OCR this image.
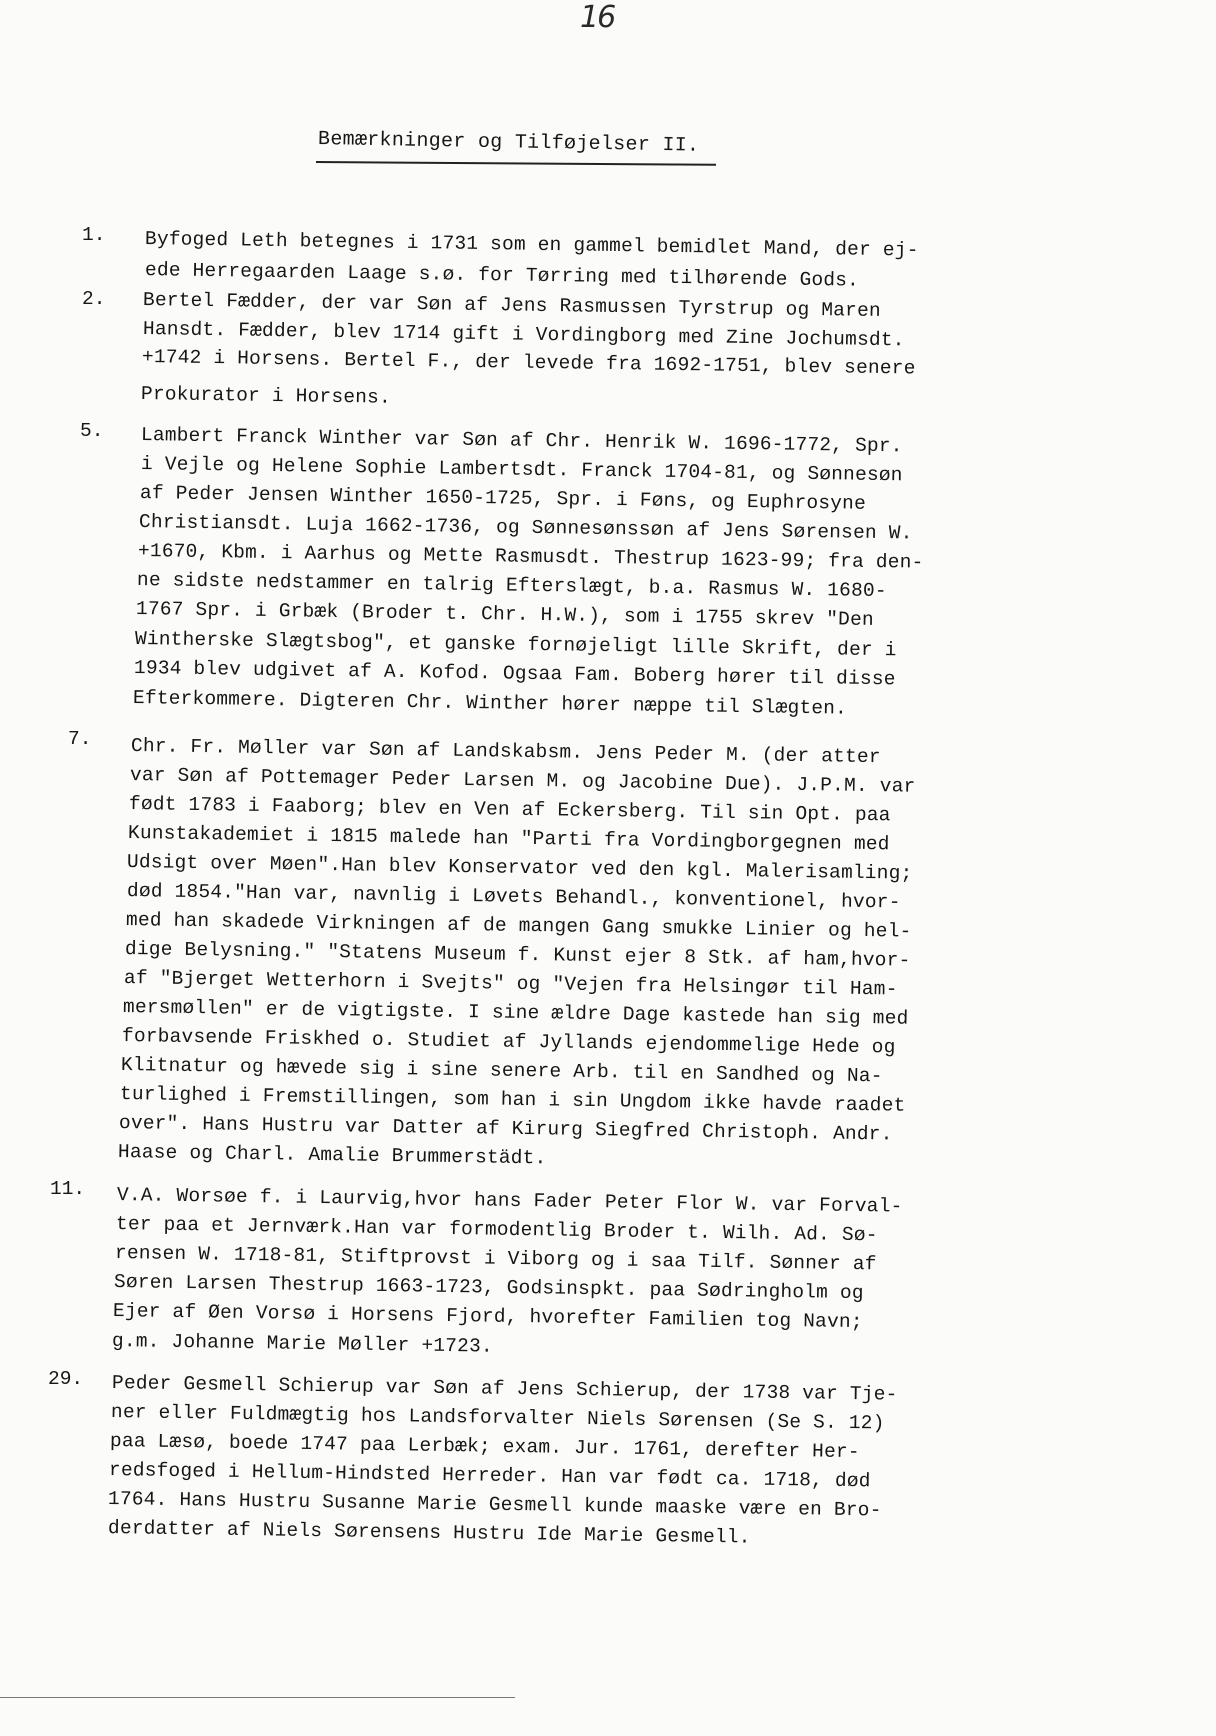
16
Bemærkninger og Tilføjelser II.
1. Byfoged Leth betegnes i 1731 som en gammel bemidlet Mand, der ej-
ede Herregaarden Laage s.ø. for Tørring med tilhørende Gods.
2. Bertel Fædder, der var Søn af Jens Rasmussen Tyrstrup og Maren
Hansdt. Fædder, blev 1714 gift i Vordingborg med Zine Jochumsdt.
+1742 i Horsens. Bertel F., der levede fra 1692-1751, blev senere
Prokurator i Horsens.
5. Lambert Franck Winther var Søn af Chr. Henrik W. 1696-1772, Spr.
i Vejle og Helene Sophie Lambertsdt. Franck 1704-81, og Sønnesøn
af Peder Jensen Winther 1650-1725, Spr. i Føns, og Euphrosyne
Christiansdt. Luja 1662-1736, og Sønnesønssøn af Jens Sørensen W.
+1670, Kbm. i Aarhus og Mette Rasmusdt. Thestrup 1623-99; fra den-
ne sidste nedstammer en talrig Efterslægt, b.a. Rasmus W. 1680-
1767 Spr. i Grbæk (Broder t. Chr. H.W.), som i 1755 skrev "Den
Wintherske Slægtsbog", et ganske fornøjeligt lille Skrift, der i
1934 blev udgivet af A. Kofod. Ogsaa Fam. Boberg hører til disse
Efterkommere. Digteren Chr. Winther hører næppe til Slægten.
7. Chr. Fr. Møller var Søn af Landskabsm. Jens Peder M. (der atter
var Søn af Pottemager Peder Larsen M. og Jacobine Due). J.P.M. var
født 1783 i Faaborg; blev en Ven af Eckersberg. Til sin Opt. paa
Kunstakademiet i 1815 malede han "Parti fra Vordingborgegnen med
Udsigt over Møen".Han blev Konservator ved den kgl. Malerisamling;
død 1854."Han var, navnlig i Løvets Behandl., konventionel, hvor-
med han skadede Virkningen af de mangen Gang smukke Linier og hel-
dige Belysning." "Statens Museum f. Kunst ejer 8 Stk. af ham,hvor-
af "Bjerget Wetterhorn i Svejts" og "Vejen fra Helsingør til Ham-
mersmøllen" er de vigtigste. I sine ældre Dage kastede han sig med
forbavsende Friskhed o. Studiet af Jyllands ejendommelige Hede og
Klitnatur og hævede sig i sine senere Arb. til en Sandhed og Na-
turlighed i Fremstillingen, som han i sin Ungdom ikke havde raadet
over". Hans Hustru var Datter af Kirurg Siegfred Christoph. Andr.
Haase og Charl. Amalie Brummerstädt.
11. V.A. Worsøe f. i Laurvig,hvor hans Fader Peter Flor W. var Forval-
ter paa et Jernværk.Han var formodentlig Broder t. Wilh. Ad. Sø-
rensen W. 1718-81, Stiftprovst i Viborg og i saa Tilf. Sønner af
Søren Larsen Thestrup 1663-1723, Godsinspkt. paa Sødringholm og
Ejer af Øen Vorsø i Horsens Fjord, hvorefter Familien tog Navn;
g.m. Johanne Marie Møller +1723.
29. Peder Gesmell Schierup var Søn af Jens Schierup, der 1738 var Tje-
ner eller Fuldmægtig hos Landsforvalter Niels Sørensen (Se S. 12)
paa Læsø, boede 1747 paa Lerbæk; exam. Jur. 1761, derefter Her-
redsfoged i Hellum-Hindsted Herreder. Han var født ca. 1718, død
1764. Hans Hustru Susanne Marie Gesmell kunde maaske være en Bro-
derdatter af Niels Sørensens Hustru Ide Marie Gesmell.
